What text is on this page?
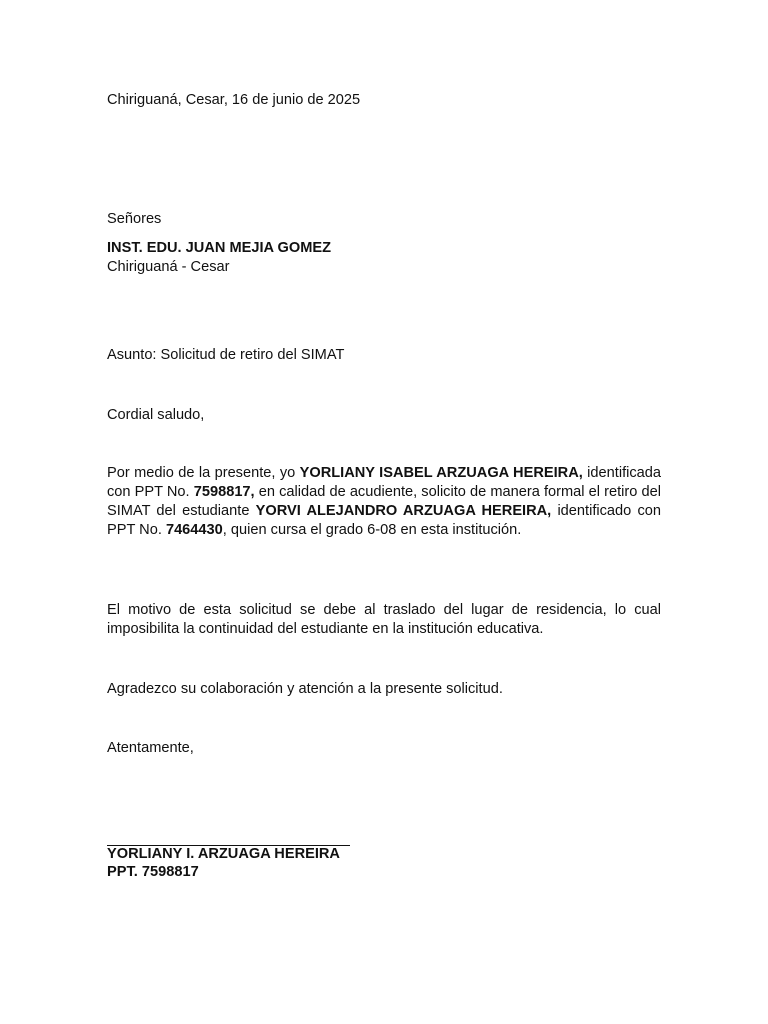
Chiriguaná, Cesar, 16 de junio de 2025
Señores
INST. EDU. JUAN MEJIA GOMEZ
Chiriguaná - Cesar
Asunto: Solicitud de retiro del SIMAT
Cordial saludo,
Por medio de la presente, yo YORLIANY ISABEL ARZUAGA HEREIRA, identificada con PPT No. 7598817, en calidad de acudiente, solicito de manera formal el retiro del SIMAT del estudiante YORVI ALEJANDRO ARZUAGA HEREIRA, identificado con PPT No. 7464430, quien cursa el grado 6-08 en esta institución.
El motivo de esta solicitud se debe al traslado del lugar de residencia, lo cual imposibilita la continuidad del estudiante en la institución educativa.
Agradezco su colaboración y atención a la presente solicitud.
Atentamente,
YORLIANY I. ARZUAGA HEREIRA
PPT. 7598817
